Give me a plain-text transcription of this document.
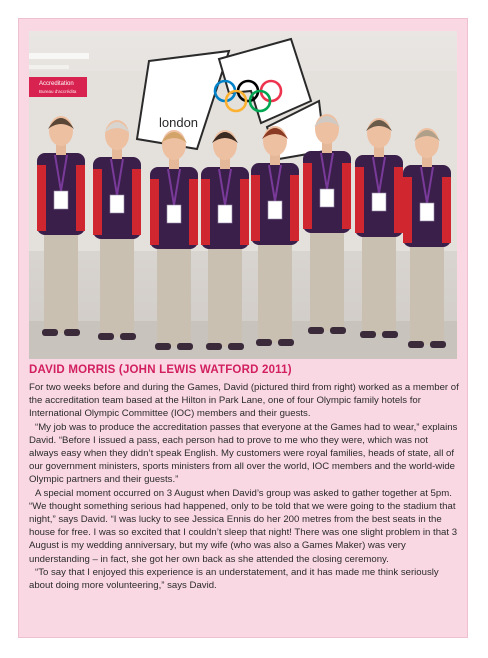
Accreditation
Bureau d'accrédita
london
DAVID MORRIS (JOHN LEWIS WATFORD 2011)

For two weeks before and during the Games, David (pictured third from right) worked as a member of the accreditation team based at the Hilton in Park Lane, one of four Olympic family hotels for International Olympic Committee (IOC) members and their guests.

“My job was to produce the accreditation passes that everyone at the Games had to wear,” explains David. “Before I issued a pass, each person had to prove to me who they were, which was not always easy when they didn’t speak English. My customers were royal families, heads of state, all of our government ministers, sports ministers from all over the world, IOC members and the world-wide Olympic partners and their guests.”

A special moment occurred on 3 August when David’s group was asked to gather together at 5pm. “We thought something serious had happened, only to be told that we were going to the stadium that night,” says David. “I was lucky to see Jessica Ennis do her 200 metres from the best seats in the house for free. I was so excited that I couldn’t sleep that night! There was one slight problem in that 3 August is my wedding anniversary, but my wife (who was also a Games Maker) was very understanding – in fact, she got her own back as she attended the closing ceremony.

“To say that I enjoyed this experience is an understatement, and it has made me think seriously about doing more volunteering,” says David.
